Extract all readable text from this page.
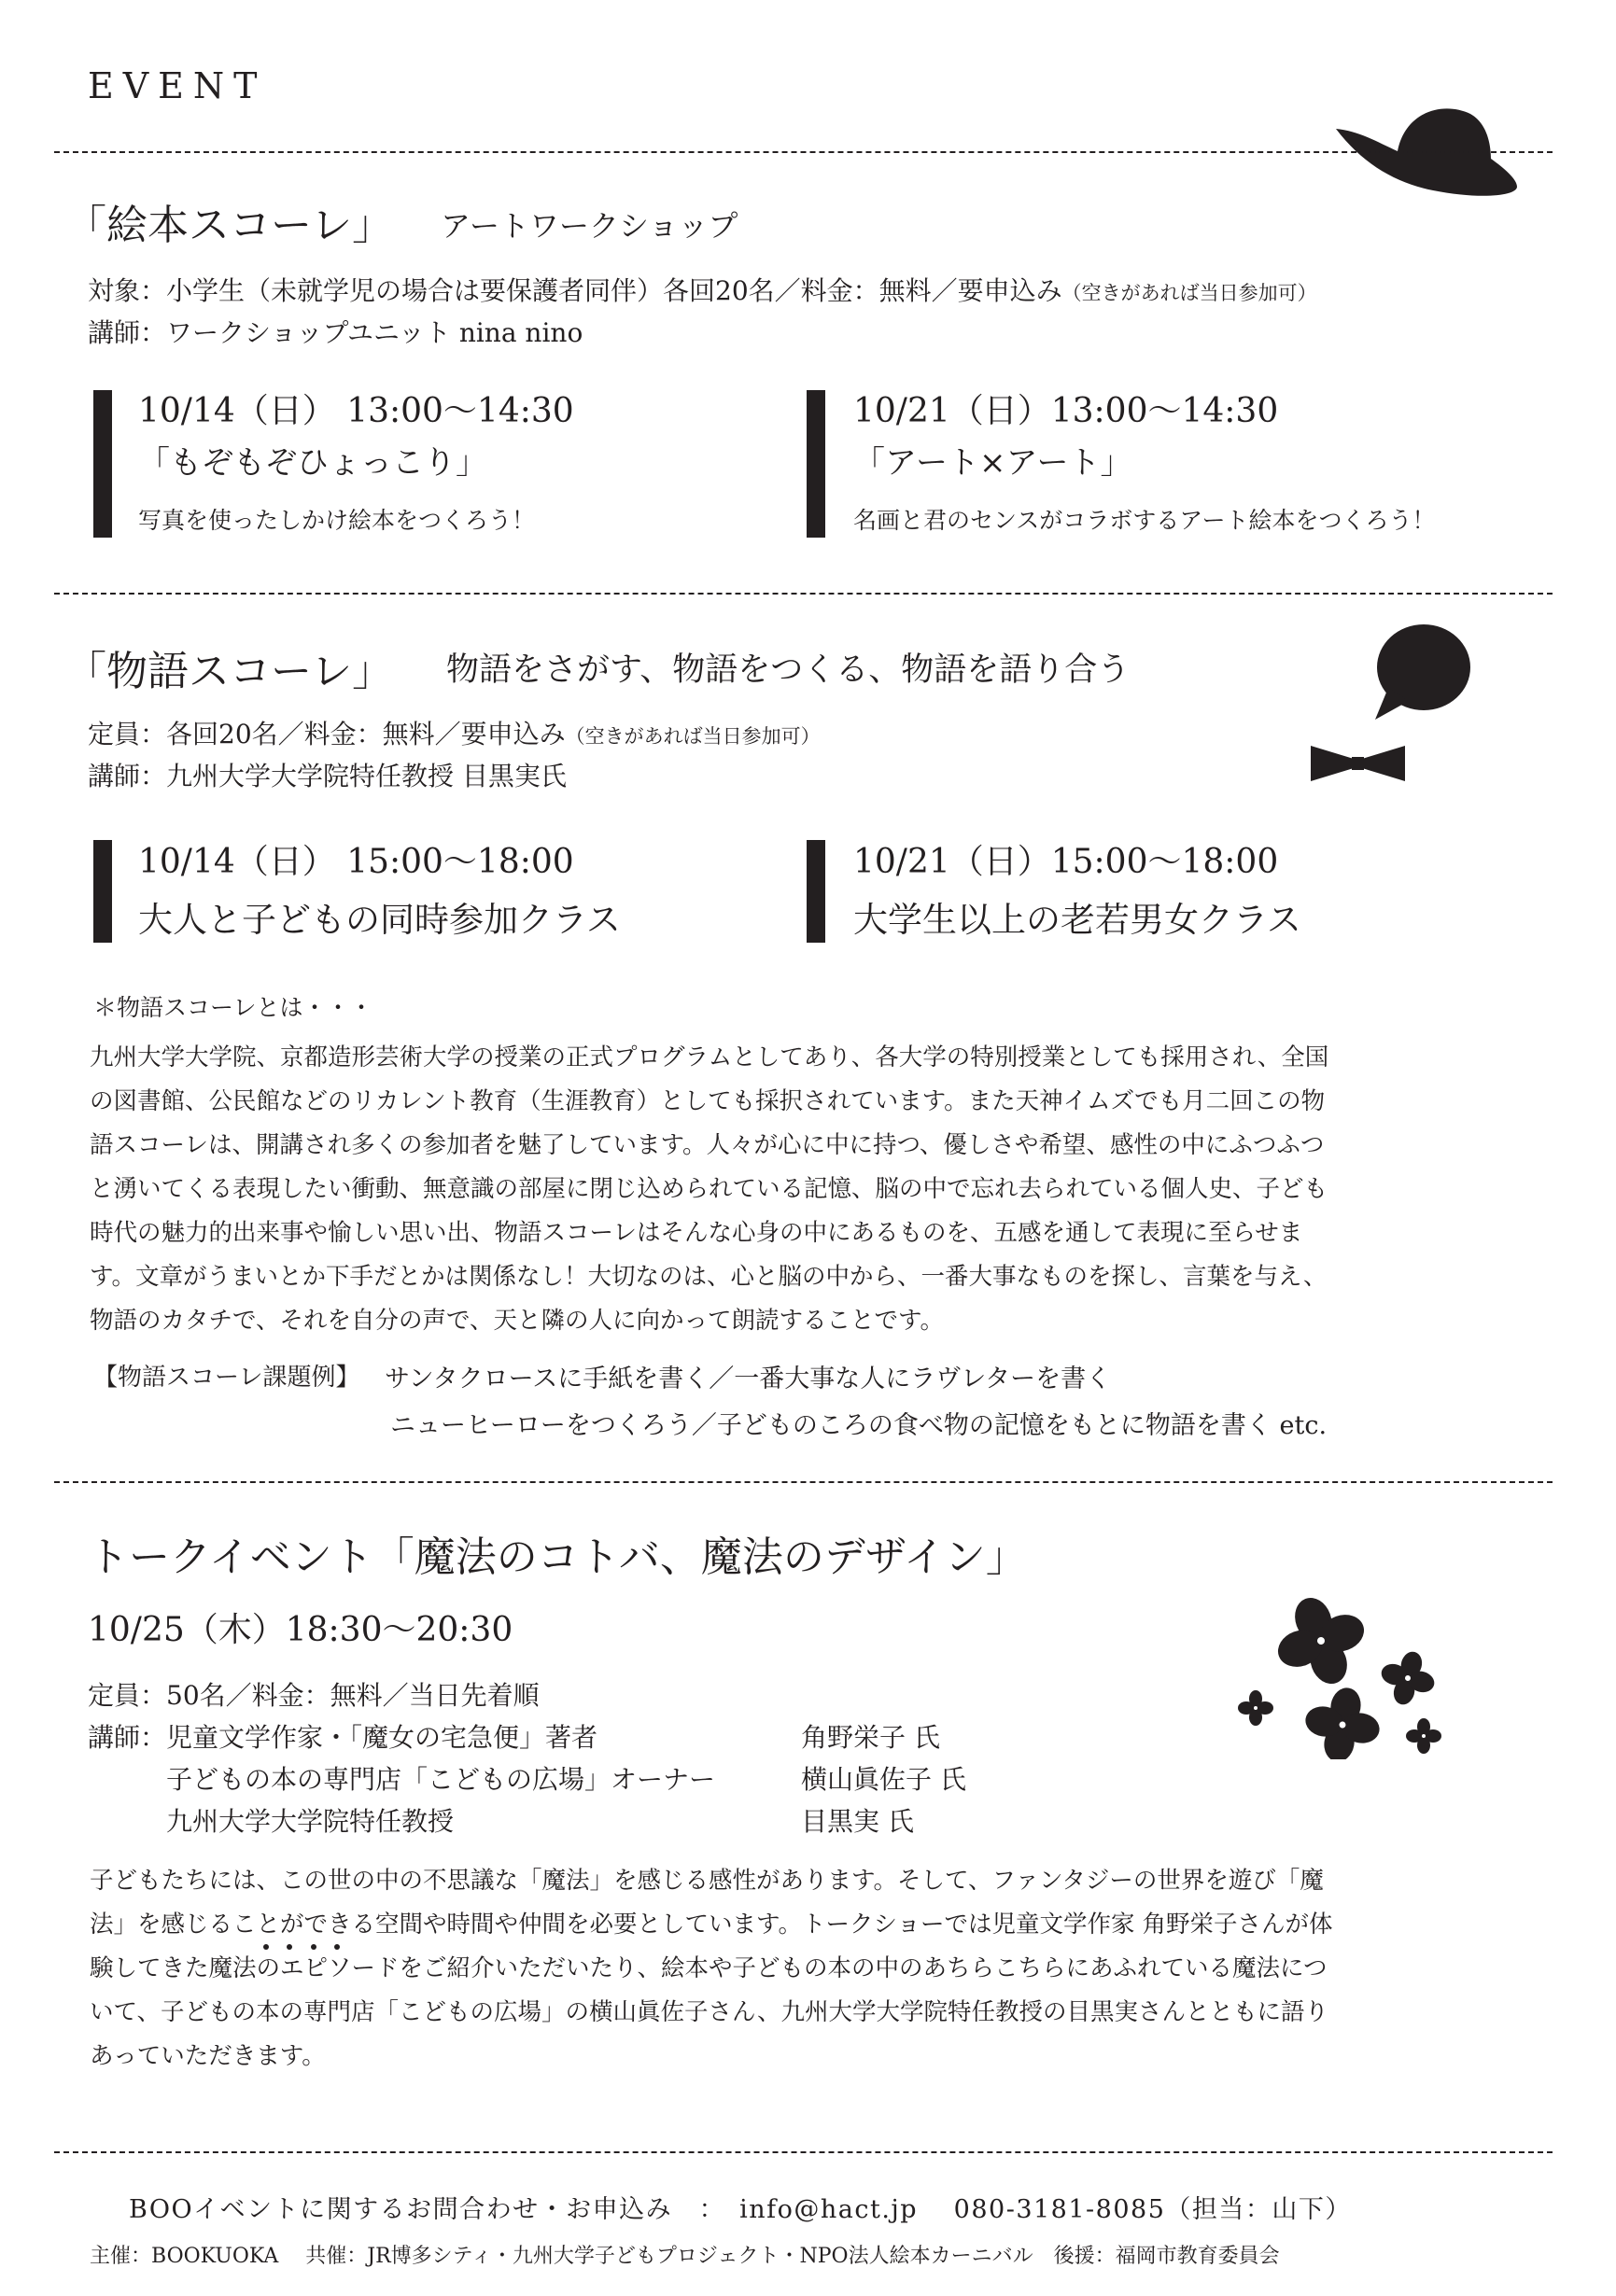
EVENT
「絵本スコーレ」 アートワークショップ
対象：小学生（未就学児の場合は要保護者同伴）各回20名／料金：無料／要申込み（空きがあれば当日参加可）
講師：ワークショップユニット nina nino
10/14（日） 13:00〜14:30
「もぞもぞひょっこり」
写真を使ったしかけ絵本をつくろう！
10/21（日）13:00〜14:30
「アート×アート」
名画と君のセンスがコラボするアート絵本をつくろう！
「物語スコーレ」 物語をさがす、物語をつくる、物語を語り合う
定員：各回20名／料金：無料／要申込み（空きがあれば当日参加可）
講師：九州大学大学院特任教授 目黒実氏
10/14（日） 15:00〜18:00
大人と子どもの同時参加クラス
10/21（日）15:00〜18:00
大学生以上の老若男女クラス
＊物語スコーレとは・・・
九州大学大学院、京都造形芸術大学の授業の正式プログラムとしてあり、各大学の特別授業としても採用され、全国
の図書館、公民館などのリカレント教育（生涯教育）としても採択されています。また天神イムズでも月二回この物
語スコーレは、開講され多くの参加者を魅了しています。人々が心に中に持つ、優しさや希望、感性の中にふつふつ
と湧いてくる表現したい衝動、無意識の部屋に閉じ込められている記憶、脳の中で忘れ去られている個人史、子ども
時代の魅力的出来事や愉しい思い出、物語スコーレはそんな心身の中にあるものを、五感を通して表現に至らせま
す。文章がうまいとか下手だとかは関係なし！大切なのは、心と脳の中から、一番大事なものを探し、言葉を与え、
物語のカタチで、それを自分の声で、天と隣の人に向かって朗読することです。
【物語スコーレ課題例】 サンタクロースに手紙を書く／一番大事な人にラヴレターを書く
ニューヒーローをつくろう／子どものころの食べ物の記憶をもとに物語を書く etc.
トークイベント「魔法のコトバ、魔法のデザイン」
10/25（木）18:30〜20:30
定員：50名／料金：無料／当日先着順
講師： 児童文学作家・「魔女の宅急便」著者	角野栄子 氏
子どもの本の専門店「こどもの広場」オーナー	横山眞佐子 氏
九州大学大学院特任教授	目黒実 氏
子どもたちには、この世の中の不思議な「魔法」を感じる感性があります。そして、ファンタジーの世界を遊び「魔
法」を感じることができる空間や時間や仲間を必要としています。トークショーでは児童文学作家 角野栄子さんが体
験してきた魔法のエピソードをご紹介いただいたり、絵本や子どもの本の中のあちらこちらにあふれている魔法につ
いて、子どもの本の専門店「こどもの広場」の横山眞佐子さん、九州大学大学院特任教授の目黒実さんとともに語り
あっていただきます。
BOOイベントに関するお問合わせ・お申込み　：　info@hact.jp　 080-3181-8085（担当：山下）
主催：BOOKUOKA　 共催：JR博多シティ・九州大学子どもプロジェクト・NPO法人絵本カーニバル　後援：福岡市教育委員会
